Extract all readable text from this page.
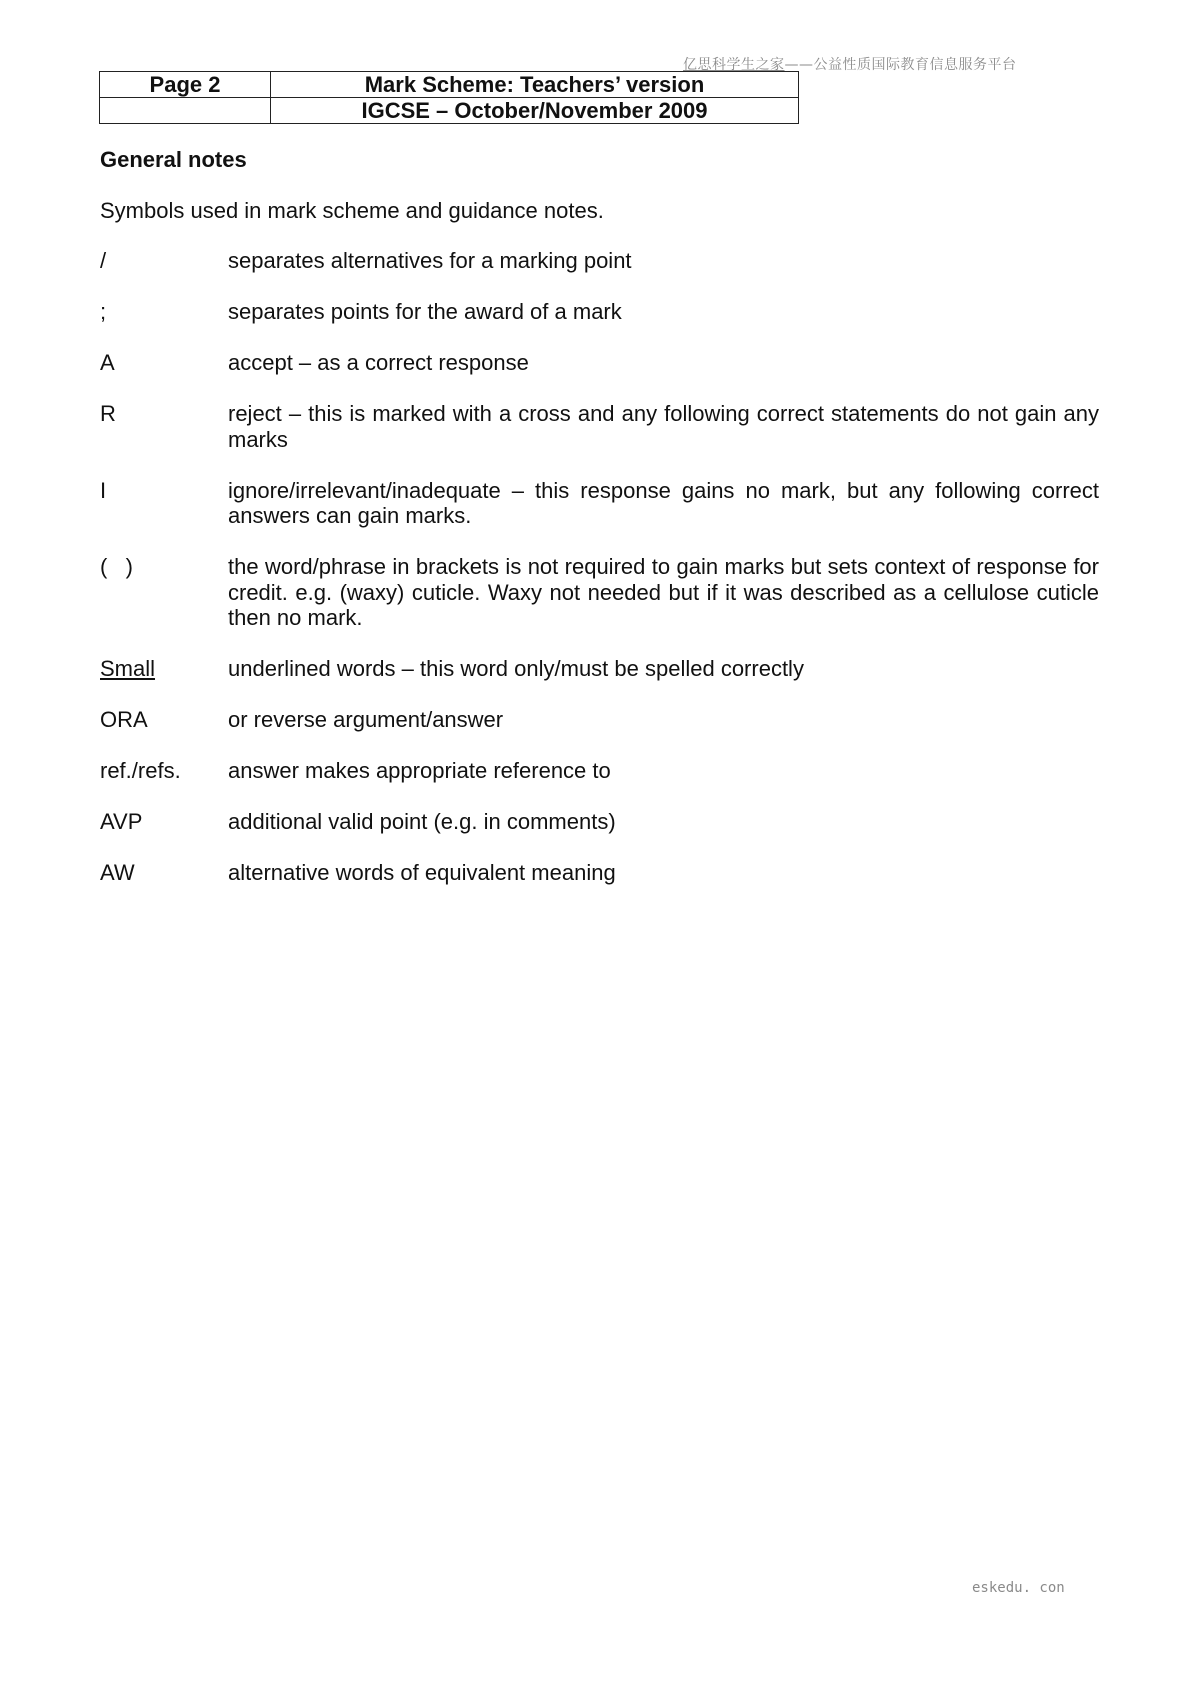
亿思科学生之家——公益性质国际教育信息服务平台
Page 2	Mark Scheme: Teachers’ version
	IGCSE – October/November 2009
General notes
Symbols used in mark scheme and guidance notes.
/	separates alternatives for a marking point
;	separates points for the award of a mark
A	accept – as a correct response
R	reject – this is marked with a cross and any following correct statements do not gain any marks
I	ignore/irrelevant/inadequate – this response gains no mark, but any following correct answers can gain marks.
(   )	the word/phrase in brackets is not required to gain marks but sets context of response for credit. e.g. (waxy) cuticle. Waxy not needed but if it was described as a cellulose cuticle then no mark.
Small	underlined words – this word only/must be spelled correctly
ORA	or reverse argument/answer
ref./refs.	answer makes appropriate reference to
AVP	additional valid point (e.g. in comments)
AW	alternative words of equivalent meaning
eskedu. con
